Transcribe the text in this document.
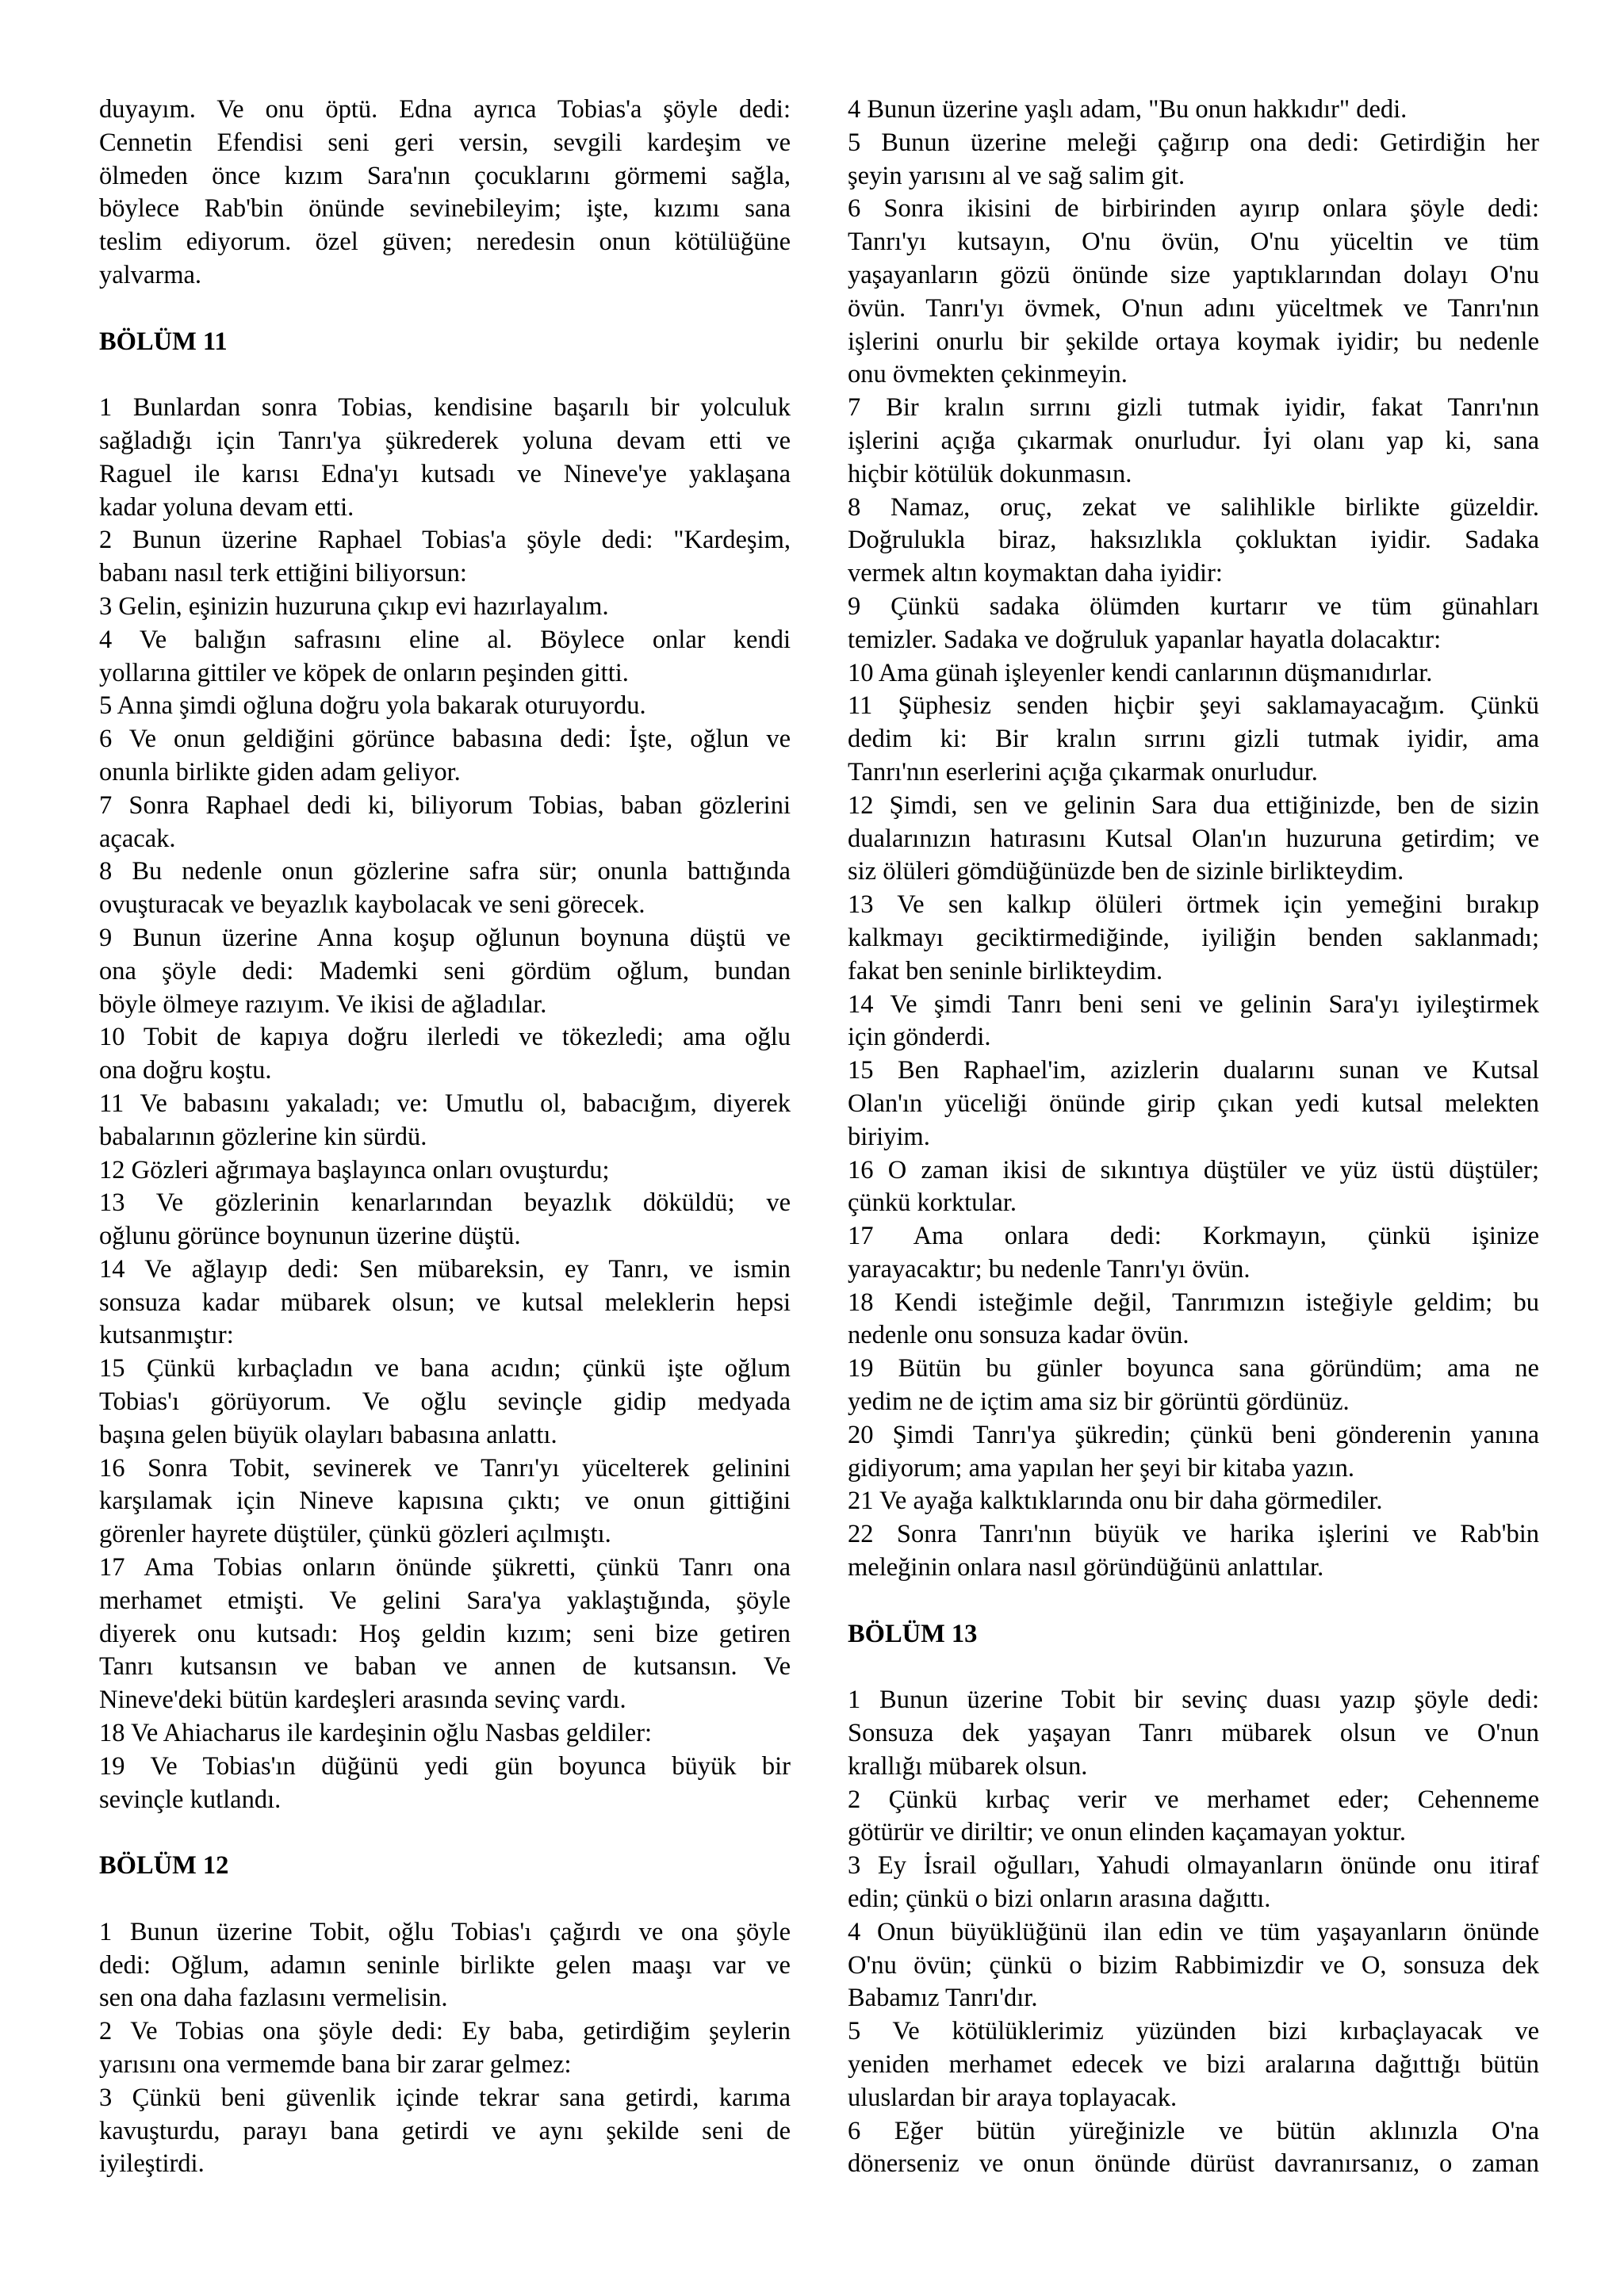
duyayım. Ve onu öptü. Edna ayrıca Tobias'a şöyle dedi:
Cennetin Efendisi seni geri versin, sevgili kardeşim ve
ölmeden önce kızım Sara'nın çocuklarını görmemi sağla,
böylece Rab'bin önünde sevinebileyim; işte, kızımı sana
teslim ediyorum. özel güven; neredesin onun kötülüğüne
yalvarma.
BÖLÜM 11
1 Bunlardan sonra Tobias, kendisine başarılı bir yolculuk
sağladığı için Tanrı'ya şükrederek yoluna devam etti ve
Raguel ile karısı Edna'yı kutsadı ve Nineve'ye yaklaşana
kadar yoluna devam etti.
2 Bunun üzerine Raphael Tobias'a şöyle dedi: "Kardeşim,
babanı nasıl terk ettiğini biliyorsun:
3 Gelin, eşinizin huzuruna çıkıp evi hazırlayalım.
4 Ve balığın safrasını eline al. Böylece onlar kendi
yollarına gittiler ve köpek de onların peşinden gitti.
5 Anna şimdi oğluna doğru yola bakarak oturuyordu.
6 Ve onun geldiğini görünce babasına dedi: İşte, oğlun ve
onunla birlikte giden adam geliyor.
7 Sonra Raphael dedi ki, biliyorum Tobias, baban gözlerini
açacak.
8 Bu nedenle onun gözlerine safra sür; onunla battığında
ovuşturacak ve beyazlık kaybolacak ve seni görecek.
9 Bunun üzerine Anna koşup oğlunun boynuna düştü ve
ona şöyle dedi: Mademki seni gördüm oğlum, bundan
böyle ölmeye razıyım. Ve ikisi de ağladılar.
10 Tobit de kapıya doğru ilerledi ve tökezledi; ama oğlu
ona doğru koştu.
11 Ve babasını yakaladı; ve: Umutlu ol, babacığım, diyerek
babalarının gözlerine kin sürdü.
12 Gözleri ağrımaya başlayınca onları ovuşturdu;
13 Ve gözlerinin kenarlarından beyazlık döküldü; ve
oğlunu görünce boynunun üzerine düştü.
14 Ve ağlayıp dedi: Sen mübareksin, ey Tanrı, ve ismin
sonsuza kadar mübarek olsun; ve kutsal meleklerin hepsi
kutsanmıştır:
15 Çünkü kırbaçladın ve bana acıdın; çünkü işte oğlum
Tobias'ı görüyorum. Ve oğlu sevinçle gidip medyada
başına gelen büyük olayları babasına anlattı.
16 Sonra Tobit, sevinerek ve Tanrı'yı yücelterek gelinini
karşılamak için Nineve kapısına çıktı; ve onun gittiğini
görenler hayrete düştüler, çünkü gözleri açılmıştı.
17 Ama Tobias onların önünde şükretti, çünkü Tanrı ona
merhamet etmişti. Ve gelini Sara'ya yaklaştığında, şöyle
diyerek onu kutsadı: Hoş geldin kızım; seni bize getiren
Tanrı kutsansın ve baban ve annen de kutsansın. Ve
Nineve'deki bütün kardeşleri arasında sevinç vardı.
18 Ve Ahiacharus ile kardeşinin oğlu Nasbas geldiler:
19 Ve Tobias'ın düğünü yedi gün boyunca büyük bir
sevinçle kutlandı.
BÖLÜM 12
1 Bunun üzerine Tobit, oğlu Tobias'ı çağırdı ve ona şöyle
dedi: Oğlum, adamın seninle birlikte gelen maaşı var ve
sen ona daha fazlasını vermelisin.
2 Ve Tobias ona şöyle dedi: Ey baba, getirdiğim şeylerin
yarısını ona vermemde bana bir zarar gelmez:
3 Çünkü beni güvenlik içinde tekrar sana getirdi, karıma
kavuşturdu, parayı bana getirdi ve aynı şekilde seni de
iyileştirdi.
4 Bunun üzerine yaşlı adam, "Bu onun hakkıdır" dedi.
5 Bunun üzerine meleği çağırıp ona dedi: Getirdiğin her
şeyin yarısını al ve sağ salim git.
6 Sonra ikisini de birbirinden ayırıp onlara şöyle dedi:
Tanrı'yı kutsayın, O'nu övün, O'nu yüceltin ve tüm
yaşayanların gözü önünde size yaptıklarından dolayı O'nu
övün. Tanrı'yı övmek, O'nun adını yüceltmek ve Tanrı'nın
işlerini onurlu bir şekilde ortaya koymak iyidir; bu nedenle
onu övmekten çekinmeyin.
7 Bir kralın sırrını gizli tutmak iyidir, fakat Tanrı'nın
işlerini açığa çıkarmak onurludur. İyi olanı yap ki, sana
hiçbir kötülük dokunmasın.
8 Namaz, oruç, zekat ve salihlikle birlikte güzeldir.
Doğrulukla biraz, haksızlıkla çokluktan iyidir. Sadaka
vermek altın koymaktan daha iyidir:
9 Çünkü sadaka ölümden kurtarır ve tüm günahları
temizler. Sadaka ve doğruluk yapanlar hayatla dolacaktır:
10 Ama günah işleyenler kendi canlarının düşmanıdırlar.
11 Şüphesiz senden hiçbir şeyi saklamayacağım. Çünkü
dedim ki: Bir kralın sırrını gizli tutmak iyidir, ama
Tanrı'nın eserlerini açığa çıkarmak onurludur.
12 Şimdi, sen ve gelinin Sara dua ettiğinizde, ben de sizin
dualarınızın hatırasını Kutsal Olan'ın huzuruna getirdim; ve
siz ölüleri gömdüğünüzde ben de sizinle birlikteydim.
13 Ve sen kalkıp ölüleri örtmek için yemeğini bırakıp
kalkmayı geciktirmediğinde, iyiliğin benden saklanmadı;
fakat ben seninle birlikteydim.
14 Ve şimdi Tanrı beni seni ve gelinin Sara'yı iyileştirmek
için gönderdi.
15 Ben Raphael'im, azizlerin dualarını sunan ve Kutsal
Olan'ın yüceliği önünde girip çıkan yedi kutsal melekten
biriyim.
16 O zaman ikisi de sıkıntıya düştüler ve yüz üstü düştüler;
çünkü korktular.
17 Ama onlara dedi: Korkmayın, çünkü işinize
yarayacaktır; bu nedenle Tanrı'yı övün.
18 Kendi isteğimle değil, Tanrımızın isteğiyle geldim; bu
nedenle onu sonsuza kadar övün.
19 Bütün bu günler boyunca sana göründüm; ama ne
yedim ne de içtim ama siz bir görüntü gördünüz.
20 Şimdi Tanrı'ya şükredin; çünkü beni gönderenin yanına
gidiyorum; ama yapılan her şeyi bir kitaba yazın.
21 Ve ayağa kalktıklarında onu bir daha görmediler.
22 Sonra Tanrı'nın büyük ve harika işlerini ve Rab'bin
meleğinin onlara nasıl göründüğünü anlattılar.
BÖLÜM 13
1 Bunun üzerine Tobit bir sevinç duası yazıp şöyle dedi:
Sonsuza dek yaşayan Tanrı mübarek olsun ve O'nun
krallığı mübarek olsun.
2 Çünkü kırbaç verir ve merhamet eder; Cehenneme
götürür ve diriltir; ve onun elinden kaçamayan yoktur.
3 Ey İsrail oğulları, Yahudi olmayanların önünde onu itiraf
edin; çünkü o bizi onların arasına dağıttı.
4 Onun büyüklüğünü ilan edin ve tüm yaşayanların önünde
O'nu övün; çünkü o bizim Rabbimizdir ve O, sonsuza dek
Babamız Tanrı'dır.
5 Ve kötülüklerimiz yüzünden bizi kırbaçlayacak ve
yeniden merhamet edecek ve bizi aralarına dağıttığı bütün
uluslardan bir araya toplayacak.
6 Eğer bütün yüreğinizle ve bütün aklınızla O'na
dönerseniz ve onun önünde dürüst davranırsanız, o zaman
